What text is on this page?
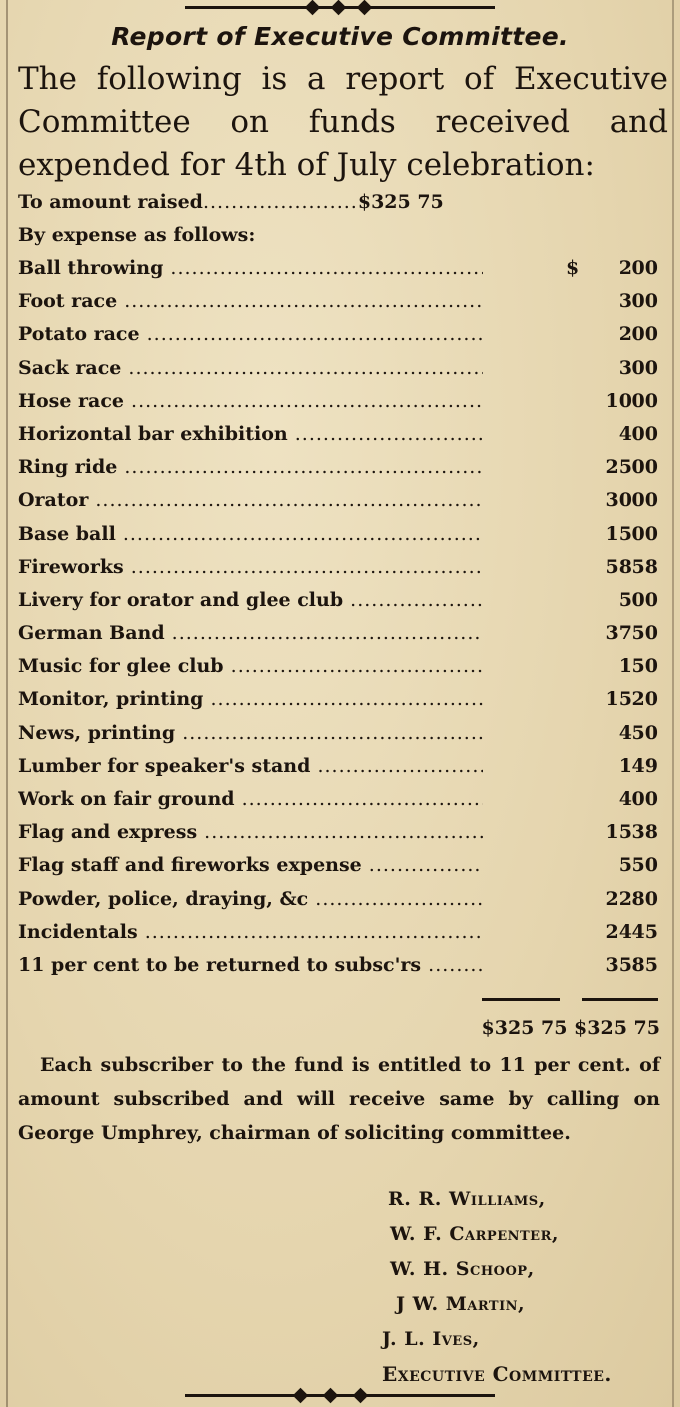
Report of Executive Committee.
The following is a report of Executive Committee on funds received and expended for 4th of July celebration:
To amount raised......................$325 75
By expense as follows:
Ball throwing .....	$	2 00
Foot race .....	3 00
Potato race .....	2 00
Sack race .....	3 00
Hose race .....	10 00
Horizontal bar exhibition .....	4 00
Ring ride .....	25 00
Orator .....	30 00
Base ball .....	15 00
Fireworks .....	58 58
Livery for orator and glee club .....	5 00
German Band .....	37 50
Music for glee club .....	1 50
Monitor, printing .....	15 20
News, printing .....	4 50
Lumber for speaker's stand .....	1 49
Work on fair ground .....	4 00
Flag and express .....	15 38
Flag staff and fireworks expense .....	5 50
Powder, police, draying, &c .....	22 80
Incidentals .....	24 45
11 per cent to be returned to subsc'rs .....	35 85
$325 75 $325 75
Each subscriber to the fund is entitled to 11 per cent. of amount subscribed and will receive same by calling on George Umphrey, chairman of soliciting committee.
R. R. Williams,
W. F. Carpenter,
W. H. Schoop,
J W. Martin,
J. L. Ives,
Executive Committee.
